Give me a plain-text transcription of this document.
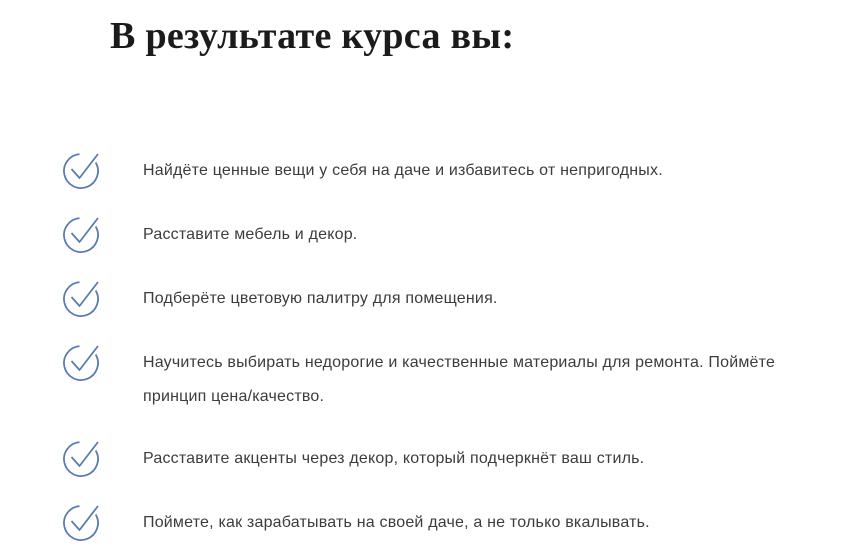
В результате курса вы:
Найдёте ценные вещи у себя на даче и избавитесь от непригодных.
Расставите мебель и декор.
Подберёте цветовую палитру для помещения.
Научитесь выбирать недорогие и качественные материалы для ремонта. Поймёте
принцип цена/качество.
Расставите акценты через декор, который подчеркнёт ваш стиль.
Поймете, как зарабатывать на своей даче, а не только вкалывать.
